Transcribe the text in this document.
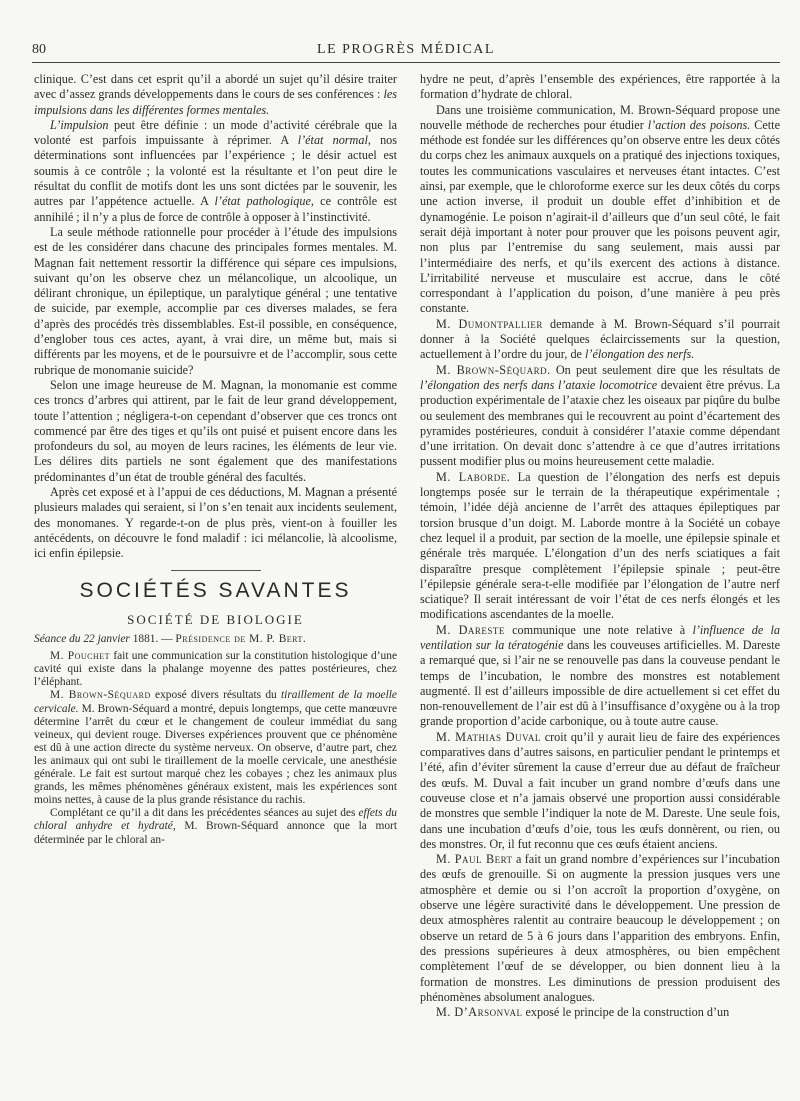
80	LE PROGRÈS MÉDICAL

clinique. C’est dans cet esprit qu’il a abordé un sujet qu’il désire traiter avec d’assez grands développements dans le cours de ses conférences : les impulsions dans les différentes formes mentales.

L’impulsion peut être définie : un mode d’activité cérébrale que la volonté est parfois impuissante à réprimer. A l’état normal, nos déterminations sont influencées par l’expérience ; le désir actuel est soumis à ce contrôle ; la volonté est la résultante et l’on peut dire le résultat du conflit de motifs dont les uns sont dictées par le souvenir, les autres par l’appétence actuelle. A l’état pathologique, ce contrôle est annihilé ; il n’y a plus de force de contrôle à opposer à l’instinctivité.

La seule méthode rationnelle pour procéder à l’étude des impulsions est de les considérer dans chacune des principales formes mentales. M. Magnan fait nettement ressortir la différence qui sépare ces impulsions, suivant qu’on les observe chez un mélancolique, un alcoolique, un délirant chronique, un épileptique, un paralytique général ; une tentative de suicide, par exemple, accomplie par ces diverses malades, se fera d’après des procédés très dissemblables. Est-il possible, en conséquence, d’englober tous ces actes, ayant, à vrai dire, un même but, mais si différents par les moyens, et de le poursuivre et de l’accomplir, sous cette rubrique de monomanie suicide?

Selon une image heureuse de M. Magnan, la monomanie est comme ces troncs d’arbres qui attirent, par le fait de leur grand développement, toute l’attention ; négligera-t-on cependant d’observer que ces troncs ont commencé par être des tiges et qu’ils ont puisé et puisent encore dans les profondeurs du sol, au moyen de leurs racines, les éléments de leur vie. Les délires dits partiels ne sont également que des manifestations prédominantes d’un état de trouble général des facultés.

Après cet exposé et à l’appui de ces déductions, M. Magnan a présenté plusieurs malades qui seraient, si l’on s’en tenait aux incidents seulement, des monomanes. Y regarde-t-on de plus près, vient-on à fouiller les antécédents, on découvre le fond maladif : ici mélancolie, là alcoolisme, ici enfin épilepsie.

SOCIÉTÉS SAVANTES
SOCIÉTÉ DE BIOLOGIE

Séance du 22 janvier 1881. — Présidence de M. P. Bert.

M. Pouchet fait une communication sur la constitution histologique d’une cavité qui existe dans la phalange moyenne des pattes postérieures, chez l’éléphant.

M. Brown-Séquard exposé divers résultats du tiraillement de la moelle cervicale. M. Brown-Séquard a montré, depuis longtemps, que cette manœuvre détermine l’arrêt du cœur et le changement de couleur immédiat du sang veineux, qui devient rouge. Diverses expériences prouvent que ce phénomène est dû à une action directe du système nerveux. On observe, d’autre part, chez les animaux qui ont subi le tiraillement de la moelle cervicale, une anesthésie générale. Le fait est surtout marqué chez les cobayes ; chez les animaux plus grands, les mêmes phénomènes généraux existent, mais les expériences sont moins nettes, à cause de la plus grande résistance du rachis.

Complétant ce qu’il a dit dans les précédentes séances au sujet des effets du chloral anhydre et hydraté, M. Brown-Séquard annonce que la mort déterminée par le chloral an-

hydre ne peut, d’après l’ensemble des expériences, être rapportée à la formation d’hydrate de chloral.

Dans une troisième communication, M. Brown-Séquard propose une nouvelle méthode de recherches pour étudier l’action des poisons. Cette méthode est fondée sur les différences qu’on observe entre les deux côtés du corps chez les animaux auxquels on a pratiqué des injections toxiques, toutes les communications vasculaires et nerveuses étant intactes. C’est ainsi, par exemple, que le chloroforme exerce sur les deux côtés du corps une action inverse, il produit un double effet d’inhibition et de dynamogénie. Le poison n’agirait-il d’ailleurs que d’un seul côté, le fait serait déjà important à noter pour prouver que les poisons peuvent agir, non plus par l’entremise du sang seulement, mais aussi par l’intermédiaire des nerfs, et qu’ils exercent des actions à distance. L’irritabilité nerveuse et musculaire est accrue, dans le côté correspondant à l’application du poison, d’une manière à peu près constante.

M. Dumontpallier demande à M. Brown-Séquard s’il pourrait donner à la Société quelques éclaircissements sur la question, actuellement à l’ordre du jour, de l’élongation des nerfs.

M. Brown-Séquard. On peut seulement dire que les résultats de l’élongation des nerfs dans l’ataxie locomotrice devaient être prévus. La production expérimentale de l’ataxie chez les oiseaux par piqûre du bulbe ou seulement des membranes qui le recouvrent au point d’écartement des pyramides postérieures, conduit à considérer l’ataxie comme dépendant d’une irritation. On devait donc s’attendre à ce que d’autres irritations pussent modifier plus ou moins heureusement cette maladie.

M. Laborde. La question de l’élongation des nerfs est depuis longtemps posée sur le terrain de la thérapeutique expérimentale ; témoin, l’idée déjà ancienne de l’arrêt des attaques épileptiques par torsion brusque d’un doigt. M. Laborde montre à la Société un cobaye chez lequel il a produit, par section de la moelle, une épilepsie spinale et générale très marquée. L’élongation d’un des nerfs sciatiques a fait disparaître presque complètement l’épilepsie spinale ; peut-être l’épilepsie générale sera-t-elle modifiée par l’élongation de l’autre nerf sciatique? Il serait intéressant de voir l’état de ces nerfs élongés et les modifications ascendantes de la moelle.

M. Dareste communique une note relative à l’influence de la ventilation sur la tératogénie dans les couveuses artificielles. M. Dareste a remarqué que, si l’air ne se renouvelle pas dans la couveuse pendant le temps de l’incubation, le nombre des monstres est notablement augmenté. Il est d’ailleurs impossible de dire actuellement si cet effet du non-renouvellement de l’air est dû à l’insuffisance d’oxygène ou à la trop grande proportion d’acide carbonique, ou à toute autre cause.

M. Mathias Duval croit qu’il y aurait lieu de faire des expériences comparatives dans d’autres saisons, en particulier pendant le printemps et l’été, afin d’éviter sûrement la cause d’erreur due au défaut de fraîcheur des œufs. M. Duval a fait incuber un grand nombre d’œufs dans une couveuse close et n’a jamais observé une proportion aussi considérable de monstres que semble l’indiquer la note de M. Dareste. Une seule fois, dans une incubation d’œufs d’oie, tous les œufs donnèrent, ou rien, ou des monstres. Or, il fut reconnu que ces œufs étaient anciens.

M. Paul Bert a fait un grand nombre d’expériences sur l’incubation des œufs de grenouille. Si on augmente la pression jusques vers une atmosphère et demie ou si l’on accroît la proportion d’oxygène, on observe une légère suractivité dans le développement. Une pression de deux atmosphères ralentit au contraire beaucoup le développement ; on observe un retard de 5 à 6 jours dans l’apparition des embryons. Enfin, des pressions supérieures à deux atmosphères, ou bien empêchent complètement l’œuf de se développer, ou bien donnent lieu à la formation de monstres. Les diminutions de pression produisent des phénomènes absolument analogues.

M. D’Arsonval exposé le principe de la construction d’un
